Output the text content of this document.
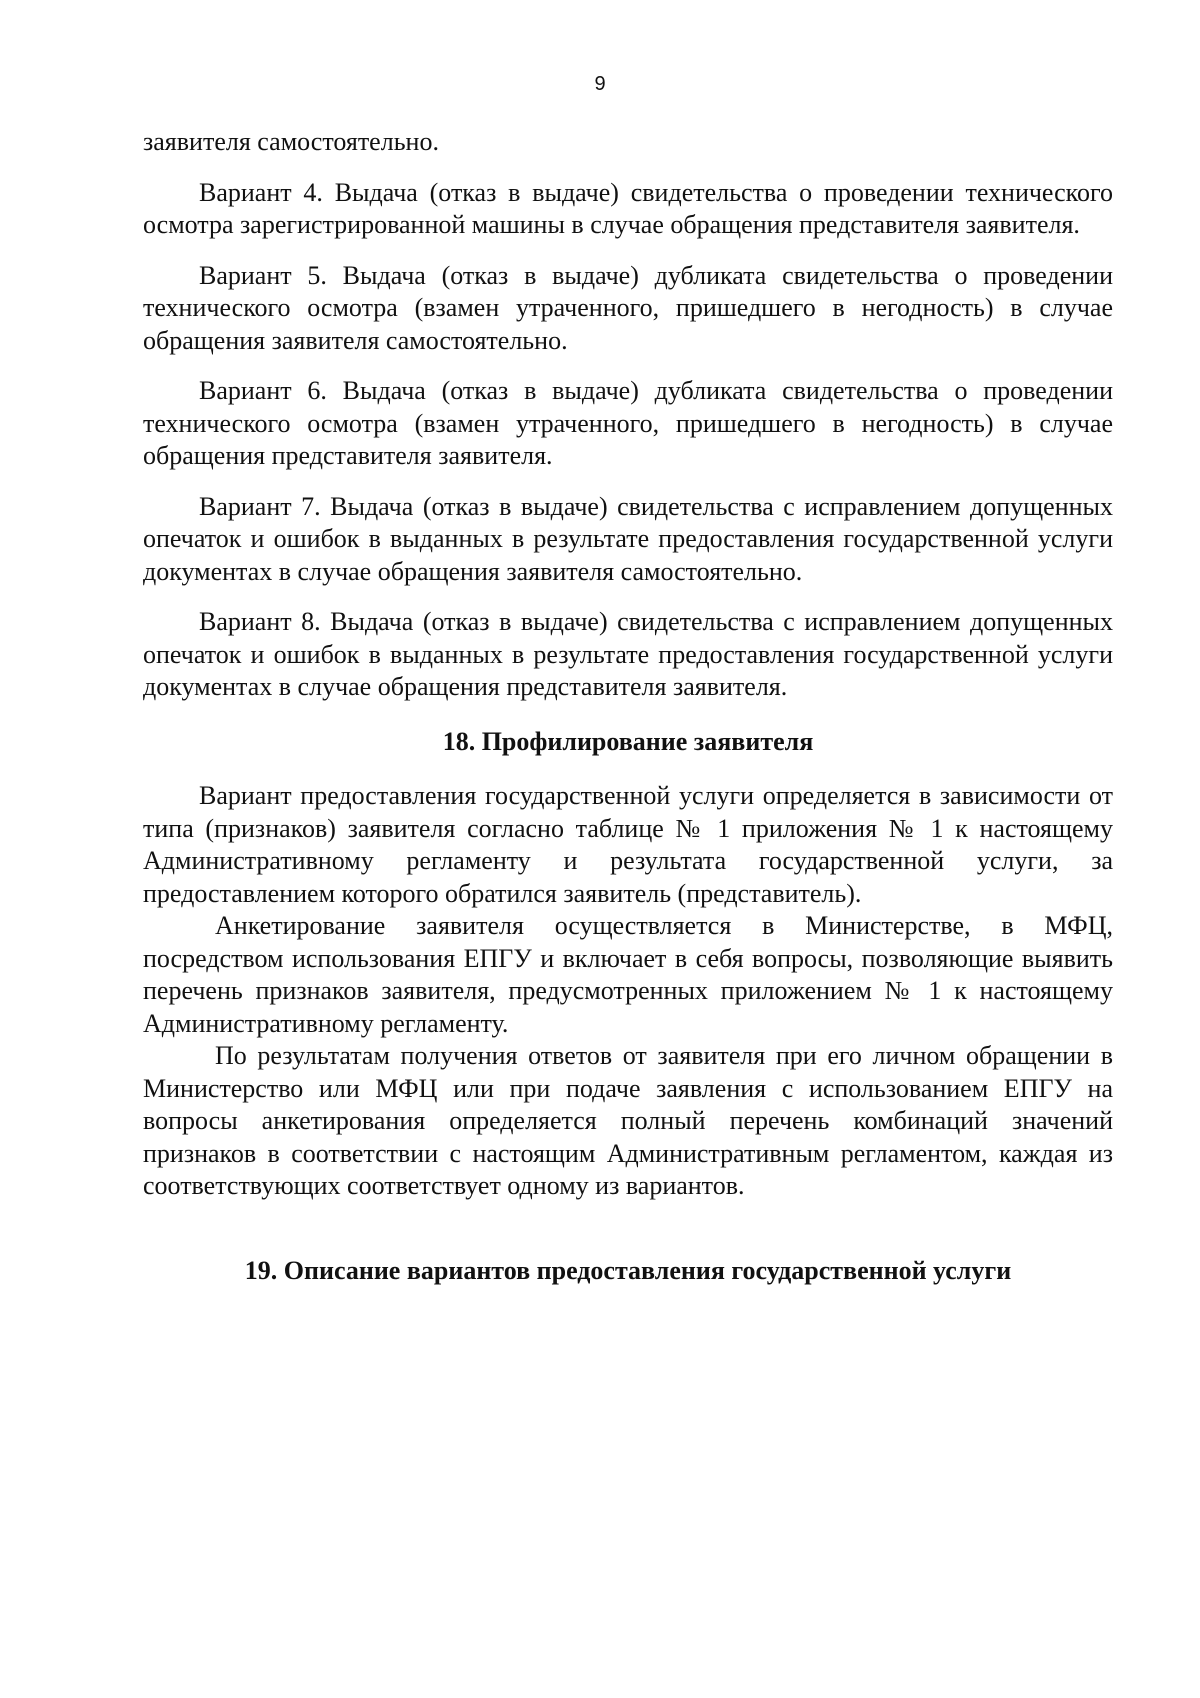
9

заявителя самостоятельно.

Вариант 4. Выдача (отказ в выдаче) свидетельства о проведении технического осмотра зарегистрированной машины в случае обращения представителя заявителя.

Вариант 5. Выдача (отказ в выдаче) дубликата свидетельства о проведении технического осмотра (взамен утраченного, пришедшего в негодность) в случае обращения заявителя самостоятельно.

Вариант 6. Выдача (отказ в выдаче) дубликата свидетельства о проведении технического осмотра (взамен утраченного, пришедшего в негодность) в случае обращения представителя заявителя.

Вариант 7. Выдача (отказ в выдаче) свидетельства с исправлением допущенных опечаток и ошибок в выданных в результате предоставления государственной услуги документах в случае обращения заявителя самостоятельно.

Вариант 8. Выдача (отказ в выдаче) свидетельства с исправлением допущенных опечаток и ошибок в выданных в результате предоставления государственной услуги документах в случае обращения представителя заявителя.

18. Профилирование заявителя

Вариант предоставления государственной услуги определяется в зависимости от типа (признаков) заявителя согласно таблице № 1 приложения № 1 к настоящему Административному регламенту и результата государственной услуги, за предоставлением которого обратился заявитель (представитель).

Анкетирование заявителя осуществляется в Министерстве, в МФЦ, посредством использования ЕПГУ и включает в себя вопросы, позволяющие выявить перечень признаков заявителя, предусмотренных приложением № 1 к настоящему Административному регламенту.

По результатам получения ответов от заявителя при его личном обращении в Министерство или МФЦ или при подаче заявления с использованием ЕПГУ на вопросы анкетирования определяется полный перечень комбинаций значений признаков в соответствии с настоящим Административным регламентом, каждая из соответствующих соответствует одному из вариантов.

19. Описание вариантов предоставления государственной услуги
